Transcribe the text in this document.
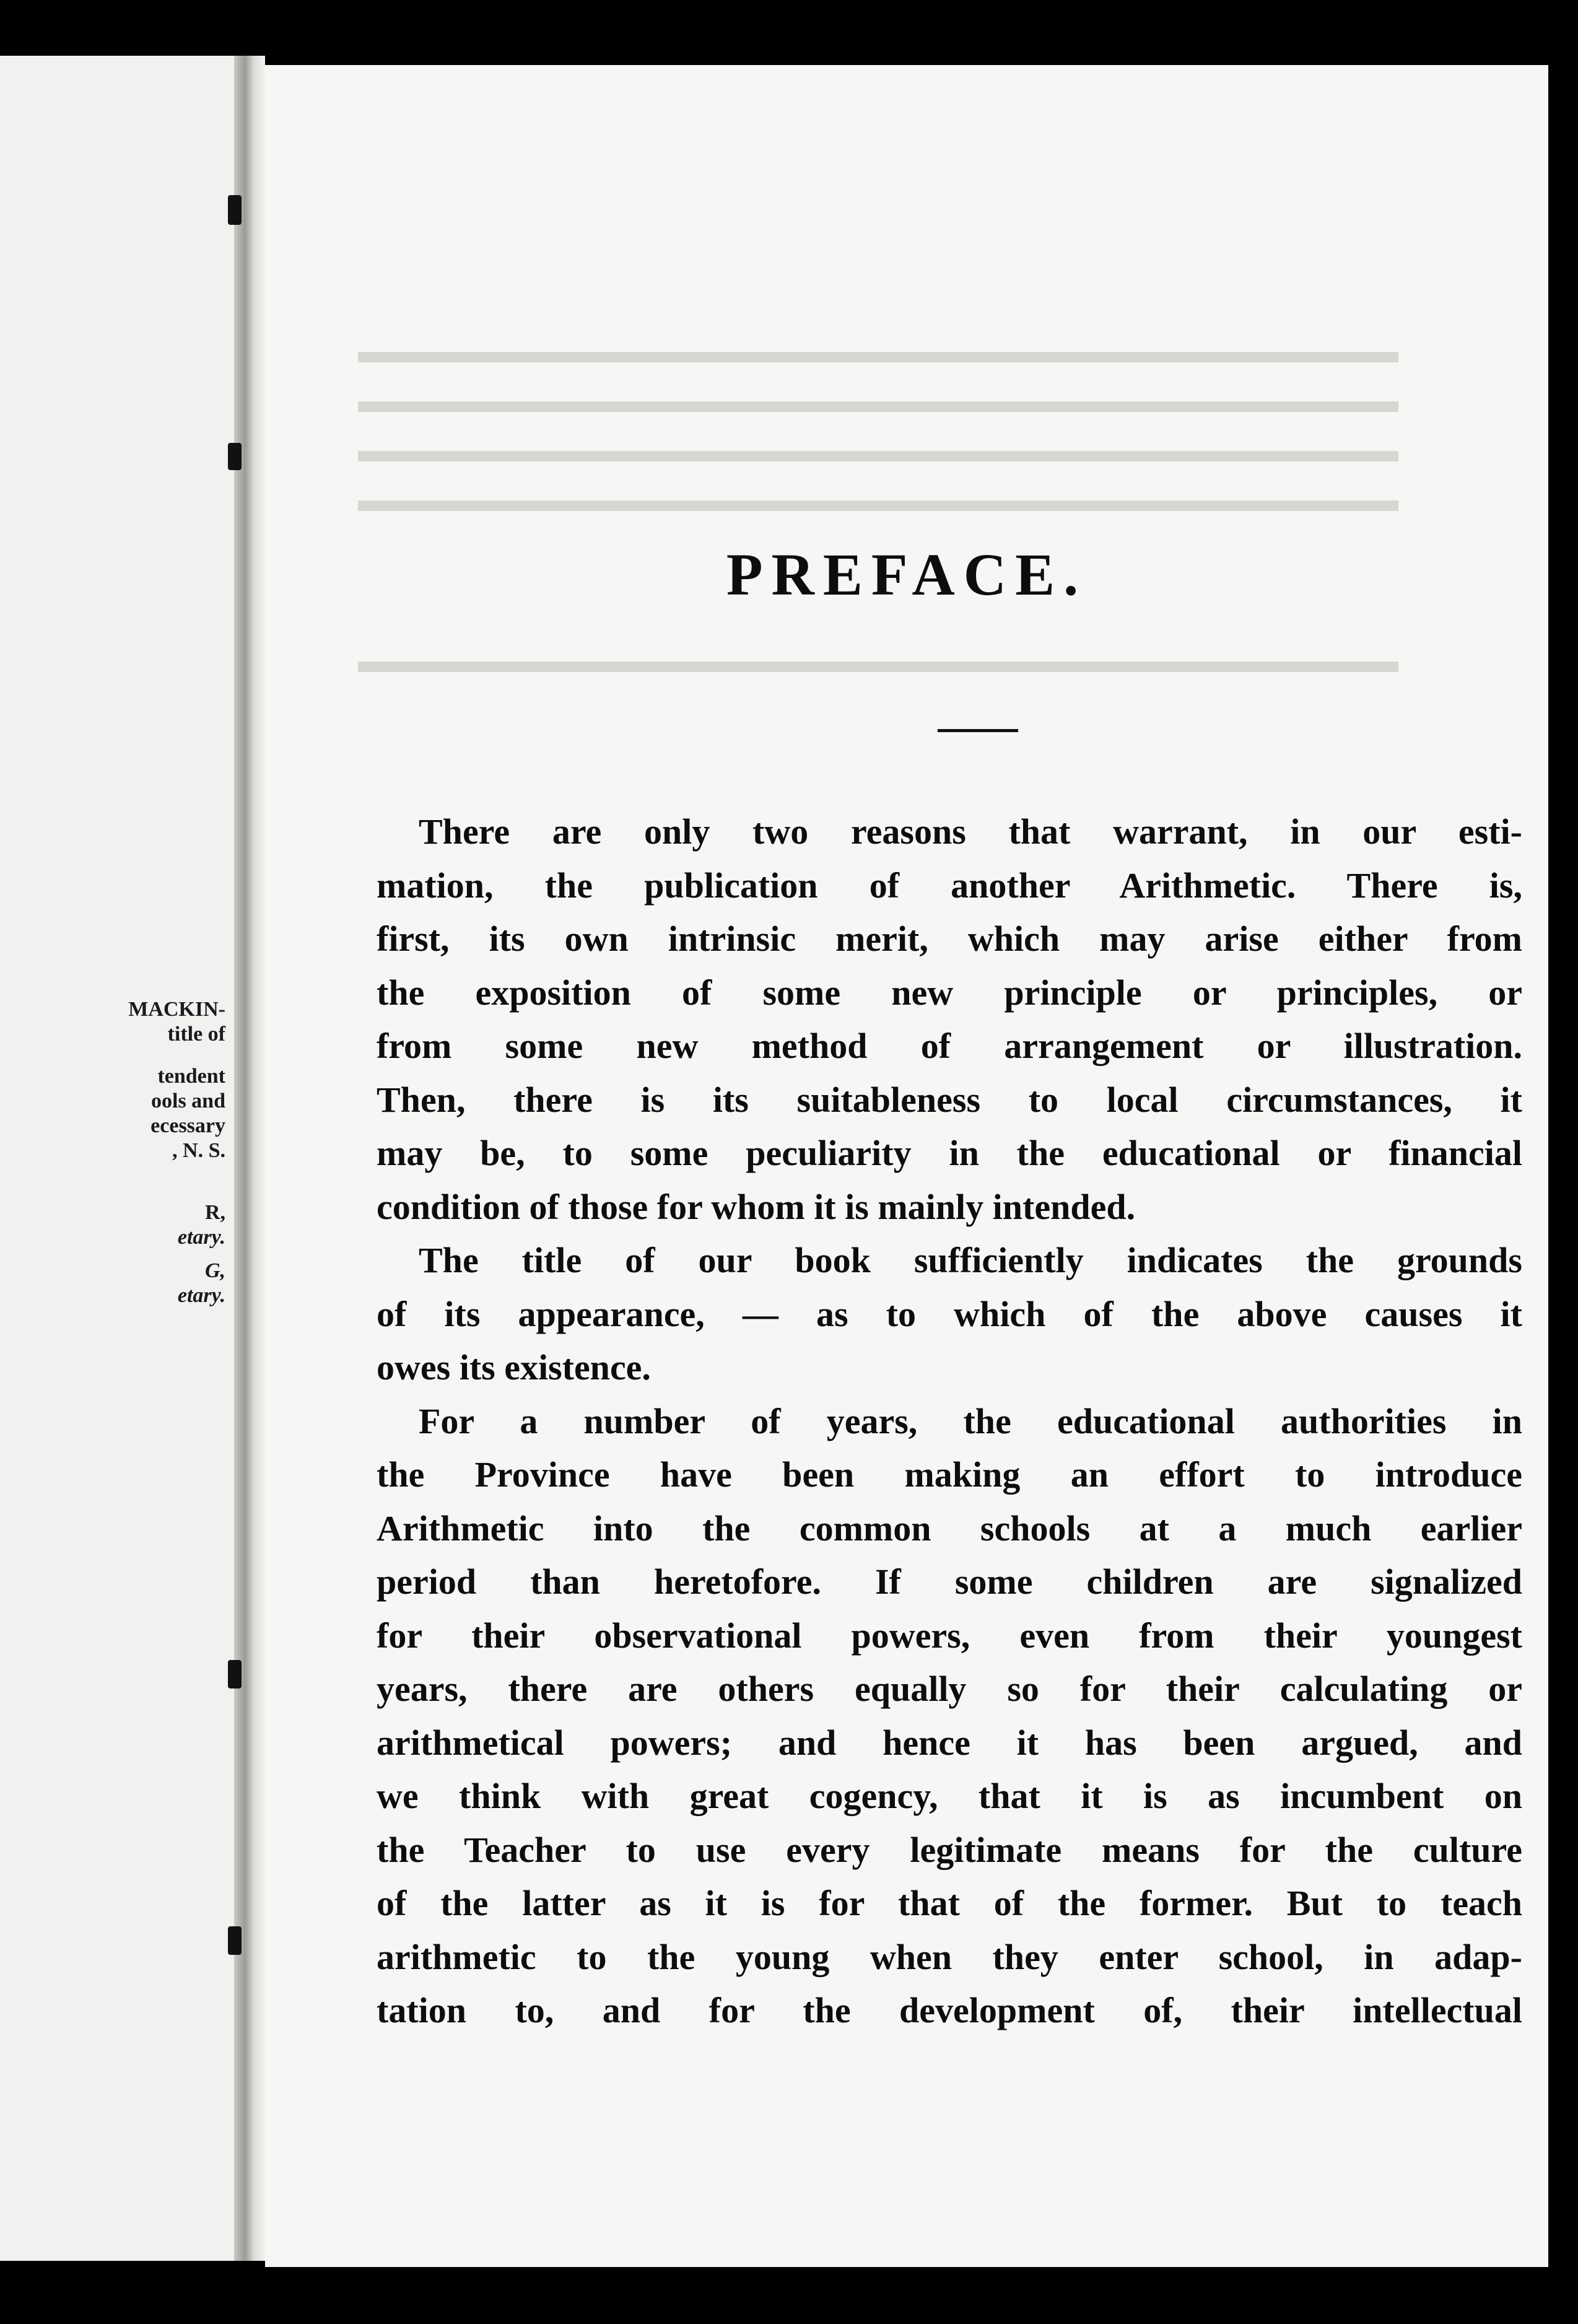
MACKIN-
title of
tendent
ools and
ecessary
, N. S.
R,
etary.
G,
etary.
▬▬▬▬▬▬▬▬▬▬▬▬▬▬▬▬▬▬▬▬▬▬▬▬▬▬▬▬▬▬
▬▬▬▬▬▬▬▬▬▬▬▬▬▬▬▬▬▬▬▬▬▬▬▬▬▬▬▬▬▬
▬▬▬▬▬▬▬▬▬▬▬▬▬▬▬▬▬▬▬▬▬▬▬▬▬▬▬▬▬▬
▬▬▬▬▬▬▬▬▬▬▬▬▬▬▬▬▬▬▬▬▬▬▬▬▬▬▬▬▬▬
▬▬▬▬▬▬▬▬▬▬▬▬▬▬▬▬▬▬▬▬▬▬▬▬▬▬▬▬▬▬
PREFACE.
There are only two reasons that warrant, in our esti-
mation, the publication of another Arithmetic. There is,
first, its own intrinsic merit, which may arise either from
the exposition of some new principle or principles, or
from some new method of arrangement or illustration.
Then, there is its suitableness to local circumstances, it
may be, to some peculiarity in the educational or financial
condition of those for whom it is mainly intended.
The title of our book sufficiently indicates the grounds
of its appearance, — as to which of the above causes it
owes its existence.
For a number of years, the educational authorities in
the Province have been making an effort to introduce
Arithmetic into the common schools at a much earlier
period than heretofore. If some children are signalized
for their observational powers, even from their youngest
years, there are others equally so for their calculating or
arithmetical powers; and hence it has been argued, and
we think with great cogency, that it is as incumbent on
the Teacher to use every legitimate means for the culture
of the latter as it is for that of the former. But to teach
arithmetic to the young when they enter school, in adap-
tation to, and for the development of, their intellectual
